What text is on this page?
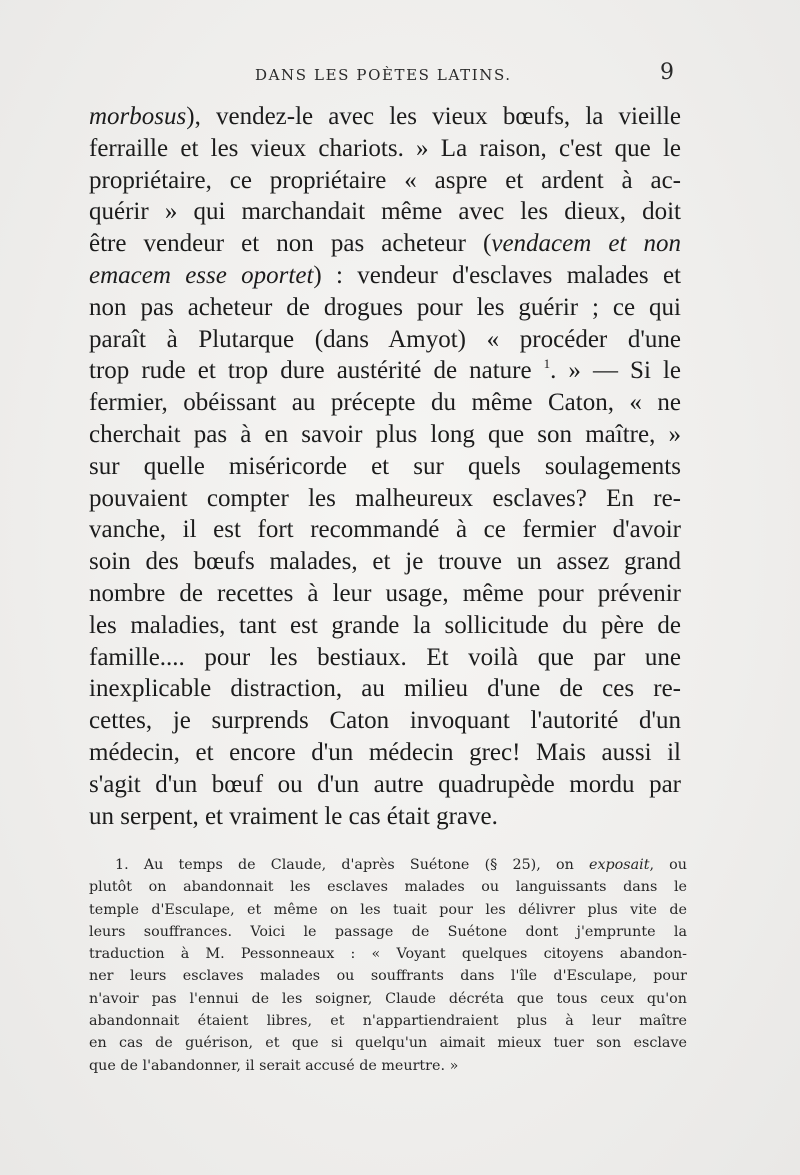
DANS LES POÈTES LATINS.	9
morbosus), vendez-le avec les vieux bœufs, la vieille
ferraille et les vieux chariots. » La raison, c'est que le
propriétaire, ce propriétaire « aspre et ardent à ac-
quérir » qui marchandait même avec les dieux, doit
être vendeur et non pas acheteur (vendacem et non
emacem esse oportet) : vendeur d'esclaves malades et
non pas acheteur de drogues pour les guérir ; ce qui
paraît à Plutarque (dans Amyot) « procéder d'une
trop rude et trop dure austérité de nature $^1$. » — Si le
fermier, obéissant au précepte du même Caton, « ne
cherchait pas à en savoir plus long que son maître, »
sur quelle miséricorde et sur quels soulagements
pouvaient compter les malheureux esclaves? En re-
vanche, il est fort recommandé à ce fermier d'avoir
soin des bœufs malades, et je trouve un assez grand
nombre de recettes à leur usage, même pour prévenir
les maladies, tant est grande la sollicitude du père de
famille.... pour les bestiaux. Et voilà que par une
inexplicable distraction, au milieu d'une de ces re-
cettes, je surprends Caton invoquant l'autorité d'un
médecin, et encore d'un médecin grec! Mais aussi il
s'agit d'un bœuf ou d'un autre quadrupède mordu par
un serpent, et vraiment le cas était grave.
1. Au temps de Claude, d'après Suétone (§ 25), on exposait, ou
plutôt on abandonnait les esclaves malades ou languissants dans le
temple d'Esculape, et même on les tuait pour les délivrer plus vite de
leurs souffrances. Voici le passage de Suétone dont j'emprunte la
traduction à M. Pessonneaux : « Voyant quelques citoyens abandon-
ner leurs esclaves malades ou souffrants dans l'île d'Esculape, pour
n'avoir pas l'ennui de les soigner, Claude décréta que tous ceux qu'on
abandonnait étaient libres, et n'appartiendraient plus à leur maître
en cas de guérison, et que si quelqu'un aimait mieux tuer son esclave
que de l'abandonner, il serait accusé de meurtre. »
